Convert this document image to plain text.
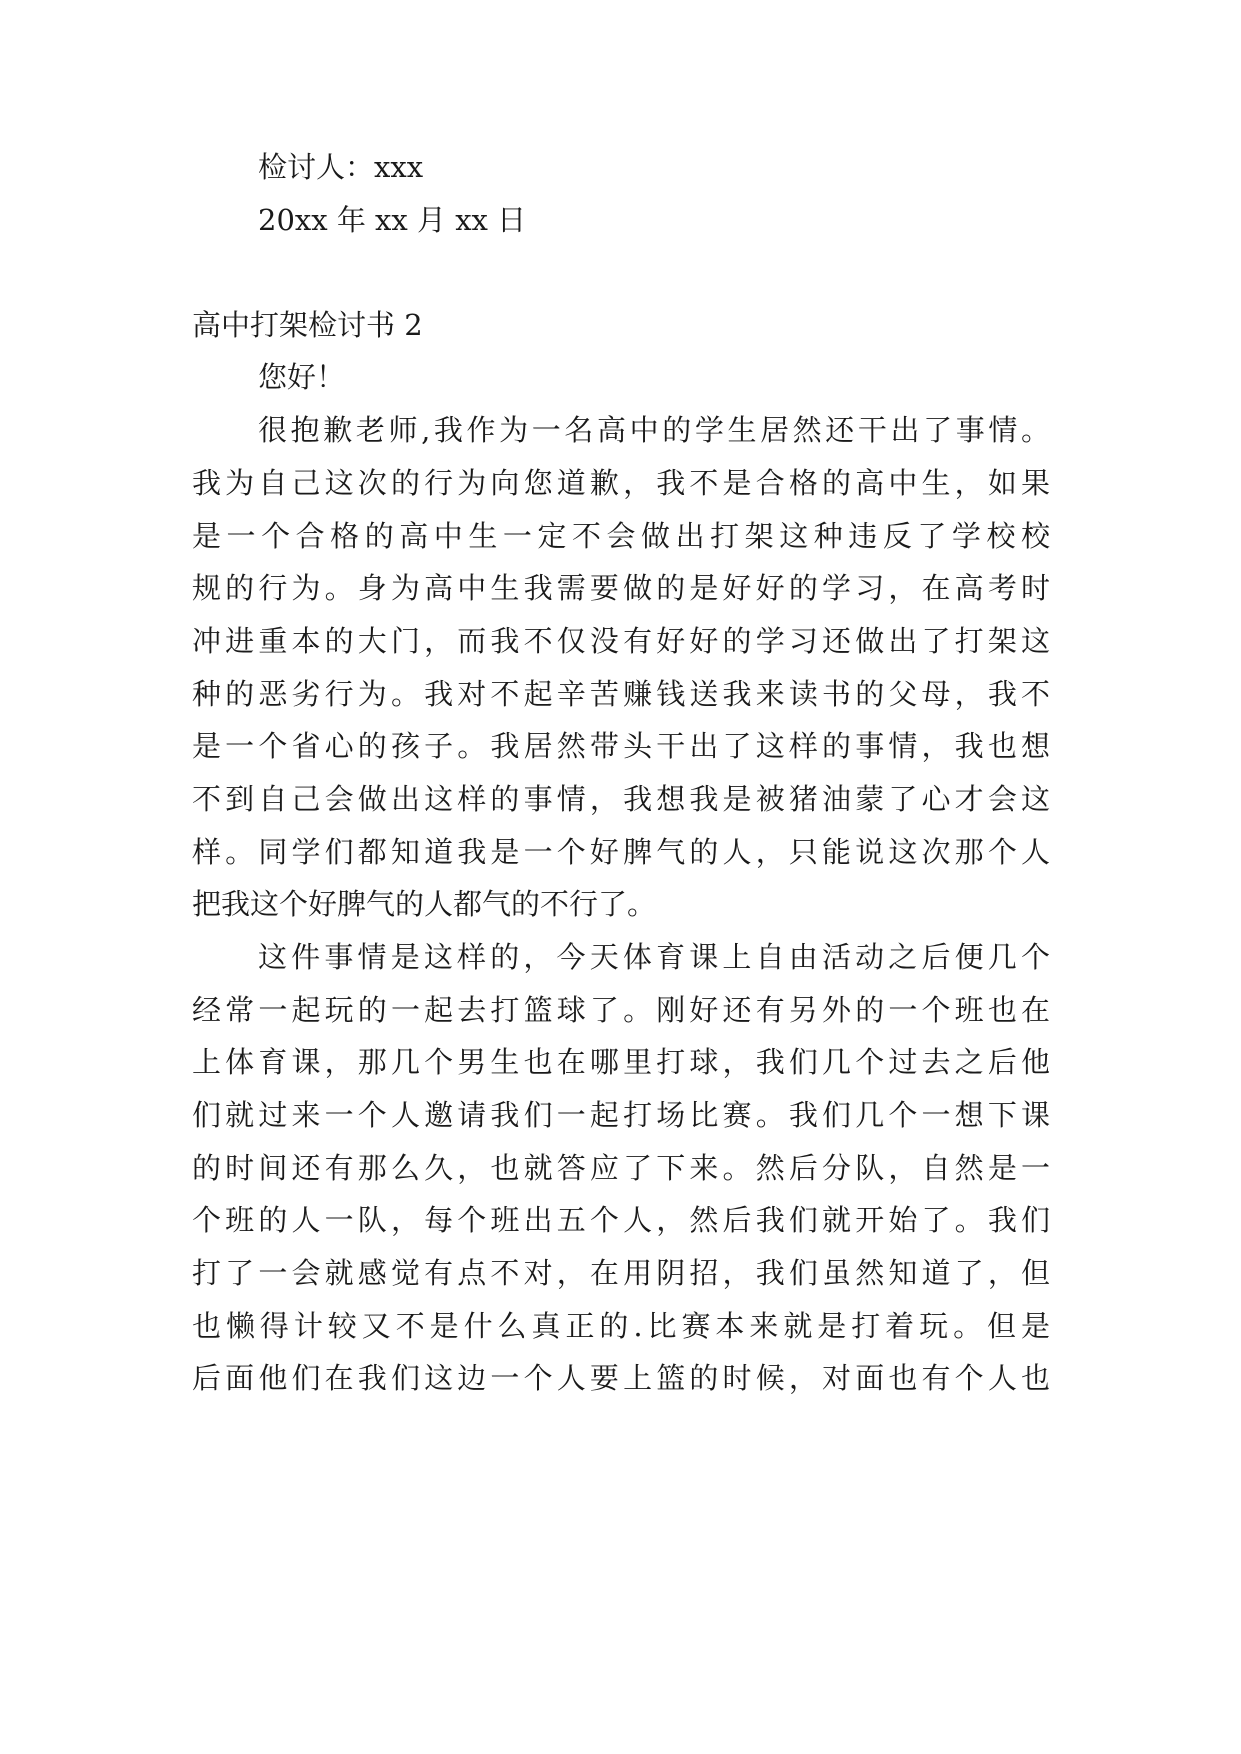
检讨人：xxx
20xx 年 xx 月 xx 日
高中打架检讨书 2
您好！
很抱歉老师,我作为一名高中的学生居然还干出了事情。
我为自己这次的行为向您道歉，我不是合格的高中生，如果
是一个合格的高中生一定不会做出打架这种违反了学校校
规的行为。身为高中生我需要做的是好好的学习，在高考时
冲进重本的大门，而我不仅没有好好的学习还做出了打架这
种的恶劣行为。我对不起辛苦赚钱送我来读书的父母，我不
是一个省心的孩子。我居然带头干出了这样的事情，我也想
不到自己会做出这样的事情，我想我是被猪油蒙了心才会这
样。同学们都知道我是一个好脾气的人，只能说这次那个人
把我这个好脾气的人都气的不行了。
这件事情是这样的，今天体育课上自由活动之后便几个
经常一起玩的一起去打篮球了。刚好还有另外的一个班也在
上体育课，那几个男生也在哪里打球，我们几个过去之后他
们就过来一个人邀请我们一起打场比赛。我们几个一想下课
的时间还有那么久，也就答应了下来。然后分队，自然是一
个班的人一队，每个班出五个人，然后我们就开始了。我们
打了一会就感觉有点不对，在用阴招，我们虽然知道了，但
也懒得计较又不是什么真正的.比赛本来就是打着玩。但是
后面他们在我们这边一个人要上篮的时候，对面也有个人也
